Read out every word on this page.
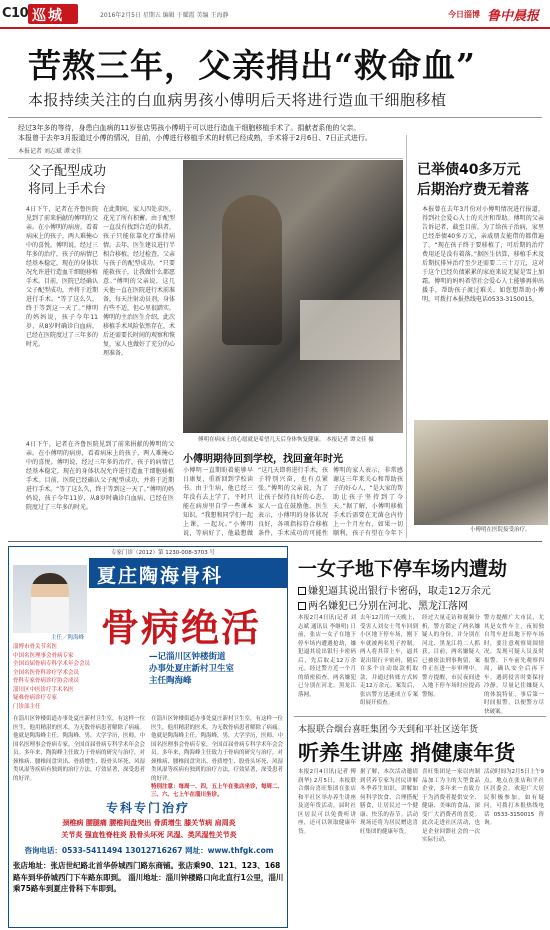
C10 巡城	2016年2月5日 星期五 编辑 于耀霞 美编 王海静	今日淄博 鲁中晨报
苦熬三年，父亲捐出“救命血”
本报持续关注的白血病男孩小傅明后天将进行造血干细胞移植
经过3年多的等待，身患白血病的11岁张店男孩小傅明于可以进行造血干细胞移植手术了。捐献者系他的父亲。
本报曾于去年3月报道过小傅的情况，目前，小傅进行移植手术的时机已经成熟，手术将于2月6日、7日正式进行。
本报记者 刘志斌 谭文佳
父子配型成功
将同上手术台
4日下午，记者在齐鲁医院见到了前来捐献的傅明的父亲。在小傅明的病房，看着病床上的孩子，两人难掩心中的喜悦。傅明说，经过三年多的治疗，孩子的病情已经基本稳定，现在的身体状况允许进行造血干细胞移植手术。目前，医院已经确认父子配型成功，并将于近期进行手术。“等了这么久，终于等到这一天了。”傅明的妈妈说，孩子今年11岁，从8岁时确诊白血病，已经在医院度过了三年多的时光。
在此期间，家人四处求医，花光了所有积蓄。由于配型一直没有找到合适的供者，孩子只能依靠化疗维持病情。去年，医生建议进行半相合移植，经过检查，父亲与孩子的配型成功。“只要能救孩子，让我做什么都愿意。”傅明的父亲说，这几天他一直在医院进行术前准备，每天注射动员剂，身体有些不适，但心里很踏实。傅明的主治医生介绍，此次移植手术风险依然存在，术后还需要长时间的观察和恢复，家人也做好了充分的心理准备。
4日下午，记者在齐鲁医院见到了前来捐献的傅明的父亲。在小傅明的病房，看着病床上的孩子，两人难掩心中的喜悦。傅明说，经过三年多的治疗，孩子的病情已经基本稳定，现在的身体状况允许进行造血干细胞移植手术。目前，医院已经确认父子配型成功，并将于近期进行手术。“等了这么久，终于等到这一天了。”傅明的妈妈说，孩子今年11岁，从8岁时确诊白血病，已经在医院度过了三年多的时光。
傅明在病床上的心愿就是希望几天后身体恢复健康。 本报记者 谭文佳 摄
已举债40多万元
后期治疗费无着落
本报曾在去年3月份对小傅明情况进行报道，得到社会爱心人士的关注和帮助。傅明的父亲告诉记者，截至目前，为了给孩子治病，家里已经举债40多万元，亲戚朋友能借的都借遍了。“现在孩子终于要移植了，可后期的治疗费用还是没有着落。”据医生估算，移植手术及后期抗排异治疗至少还需要二三十万元，这对于这个已经负债累累的家庭来说无疑是雪上加霜。傅明的妈妈希望社会爱心人士能够再伸出援手，帮助孩子渡过难关。如您想帮助小傅明，可拨打本报热线电话0533-3150015。
小傅明在医院接受治疗。
小傅明期待回到学校，找回童年时光
小傅明一直期盼着能够早日康复，重新回到学校读书。由于生病，他已经三年没有去上学了，平时只能在病房里自学一些课本知识。“我想和同学们一起上课，一起玩。”小傅明说，等病好了，他最想做
“这几天即将进行手术，孩子特别兴奋，也有点紧张。”傅明的父亲说，为了让孩子保持良好的心态，家人一直在鼓励他。医生表示，小傅明的身体状况良好，各项指标符合移植条件，手术成功的可能性
傅明的家人表示，非常感谢这三年来关心和帮助孩子的好心人，“是大家的帮助让孩子坚持到了今天。”据了解，小傅明移植手术后需要在无菌仓内待上一个月左右，如果一切顺利，孩子有望在今年下
专家门诊（2012）第 1230-008-3703 号
夏庄陶海骨科
主任／陶海峰
淄博市骨关节名医
中国名医理事会骨病专家
全国首届骨病专科学术年会会员
全国名医骨科诊疗学术会员
骨科专家骨病诊疗协会成员
淄川区中医诊疗手术名医
疑难骨病诊疗专家
门诊部主任
骨病绝活
—记淄川区钟楼街道
办事处夏庄新村卫生室
主任陶海峰
在淄川区钟楼街道办事处夏庄新村卫生室，有这样一位医生，他用精湛的医术，为无数骨病患者解除了病痛。他就是陶海峰主任。陶海峰，男，大学学历，医师。中国名医理事会骨病专家，全国首届骨病专科学术年会会员。多年来，陶海峰主任致力于骨病的研究与治疗，对颈椎病、腰椎间盘突出、骨质增生、股骨头坏死、风湿类风湿等疾病有独到的治疗方法，疗效显著，深受患者的好评。
在淄川区钟楼街道办事处夏庄新村卫生室，有这样一位医生，他用精湛的医术，为无数骨病患者解除了病痛。他就是陶海峰主任。陶海峰，男，大学学历，医师。中国名医理事会骨病专家，全国首届骨病专科学术年会会员。多年来，陶海峰主任致力于骨病的研究与治疗，对颈椎病、腰椎间盘突出、骨质增生、股骨头坏死、风湿类风湿等疾病有独到的治疗方法，疗效显著，深受患者的好评。
特别注意：每周一、四，五上午在张店坐诊，每周二、三、六、七上午在淄川坐诊。
专科专门治疗
颈椎病 腰腿痛 腰椎间盘突出 骨质增生 膝关节病 肩周炎
关节炎 强直性脊柱炎 股骨头坏死 风湿、类风湿性关节炎
咨询电话：0533-5411494 13012716267 网址：www.thfgk.com
张店地址：张店世纪路北首华侨城西门路东商铺。张店乘90、121、123、168路车到华侨城西门下车路东即到。 淄川地址：淄川钟楼路口向北直行1公里，淄川乘75路车到夏庄骨科下车即到。
一女子地下停车场内遭劫
嫌犯逼其说出银行卡密码，取走12万余元
两名嫌犯已分别在河北、黑龙江落网
本报2月4日讯(记者 刘志斌 通讯员 李继明) 日前，张店一女子在地下停车场内遭遇抢劫，嫌犯逼其说出银行卡密码后，先后取走12万余元。经过警方近一个月的缜密侦查，两名嫌犯已分别在河北、黑龙江落网。
去年12月的一天晚上，受害人刘女士驾车回到小区地下停车场，刚下车就被两名男子控制。两人将其带上车，逼其说出银行卡密码，随后在多个自动取款机取款，并通过转账方式转走12万余元。案发后，张店警方迅速成立专案组展开侦查。
经过大量走访和视频分析，警方锁定了两名嫌疑人的身份，并分别在河北、黑龙江将二人抓获。目前，两名嫌疑人已被依法刑事拘留，案件正在进一步审理中。警方提醒，市民夜间进入地下停车场时应提高警惕。
警方提醒广大市民，尤其是女性车主，夜间独自驾车进出地下停车场时，要注意观察周围情况，发现可疑人员及时报警。下车前先观察四周，确认安全后再下车。遇到侵害时要保持冷静，尽量记住嫌疑人的体貌特征，事后第一时间报警，以便警方尽快破案。
本报联合烟台喜旺集团今天到和平社区送年货
听养生讲座 捎健康年货
本报2月4日讯(记者 傅润华) 2月5日，本报联合烟台喜旺集团在张店和平社区举办养生讲座及送年货活动，届时社区居民可以免费听讲座，还可以领取健康年货。
据了解，本次活动邀请到营养专家为居民讲解冬季养生知识，讲解如何科学饮食、合理搭配膳食，让居民过一个健康、快乐的春节。活动现场还将为居民赠送喜旺集团的健康年货。
喜旺集团是一家以肉制品加工为主的大型食品企业，多年来一直致力于为消费者提供安全、健康、美味的食品，深受广大消费者的喜爱。此次走进社区活动，也是企业回馈社会的一次实际行动。
活动时间为2月5日上午9点，地点在张店和平社区居委会。欢迎广大居民积极参加。如有疑问，可拨打本报热线电话0533-3150015咨询。
